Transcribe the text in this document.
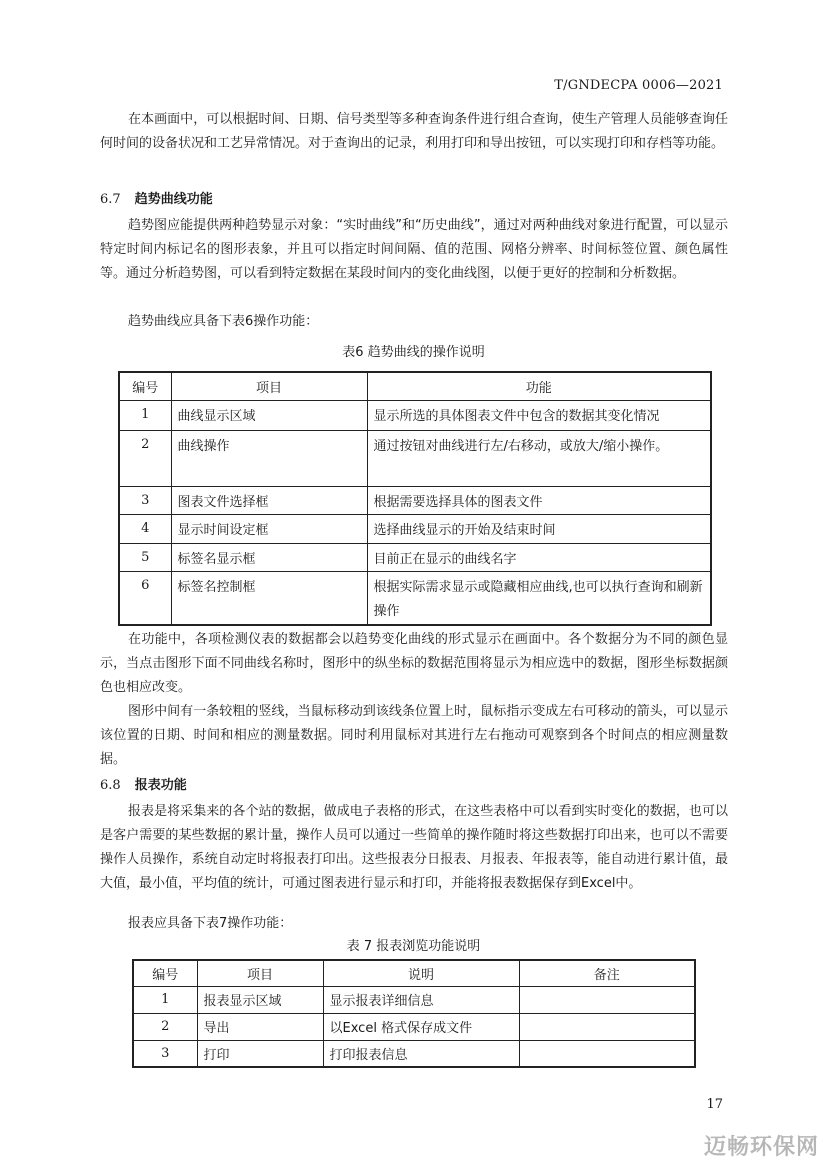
T/GNDECPA 0006—2021

在本画面中，可以根据时间、日期、信号类型等多种查询条件进行组合查询，使生产管理人员能够查询任何时间的设备状况和工艺异常情况。对于查询出的记录，利用打印和导出按钮，可以实现打印和存档等功能。

6.7 趋势曲线功能

趋势图应能提供两种趋势显示对象：“实时曲线”和“历史曲线”，通过对两种曲线对象进行配置，可以显示特定时间内标记名的图形表象，并且可以指定时间间隔、值的范围、网格分辨率、时间标签位置、颜色属性等。通过分析趋势图，可以看到特定数据在某段时间内的变化曲线图，以便于更好的控制和分析数据。

趋势曲线应具备下表6操作功能：

表6 趋势曲线的操作说明

编号	项目	功能
1	曲线显示区域	显示所选的具体图表文件中包含的数据其变化情况
2	曲线操作	通过按钮对曲线进行左/右移动，或放大/缩小操作。
3	图表文件选择框	根据需要选择具体的图表文件
4	显示时间设定框	选择曲线显示的开始及结束时间
5	标签名显示框	目前正在显示的曲线名字
6	标签名控制框	根据实际需求显示或隐藏相应曲线,也可以执行查询和刷新操作

在功能中，各项检测仪表的数据都会以趋势变化曲线的形式显示在画面中。各个数据分为不同的颜色显示，当点击图形下面不同曲线名称时，图形中的纵坐标的数据范围将显示为相应选中的数据，图形坐标数据颜色也相应改变。

图形中间有一条较粗的竖线，当鼠标移动到该线条位置上时，鼠标指示变成左右可移动的箭头，可以显示该位置的日期、时间和相应的测量数据。同时利用鼠标对其进行左右拖动可观察到各个时间点的相应测量数据。

6.8 报表功能

报表是将采集来的各个站的数据，做成电子表格的形式，在这些表格中可以看到实时变化的数据，也可以是客户需要的某些数据的累计量，操作人员可以通过一些简单的操作随时将这些数据打印出来，也可以不需要操作人员操作，系统自动定时将报表打印出。这些报表分日报表、月报表、年报表等，能自动进行累计值，最大值，最小值，平均值的统计，可通过图表进行显示和打印，并能将报表数据保存到Excel中。

报表应具备下表7操作功能：

表 7 报表浏览功能说明

编号	项目	说明	备注
1	报表显示区域	显示报表详细信息	
2	导出	以Excel 格式保存成文件	
3	打印	打印报表信息	
17
迈畅环保网
